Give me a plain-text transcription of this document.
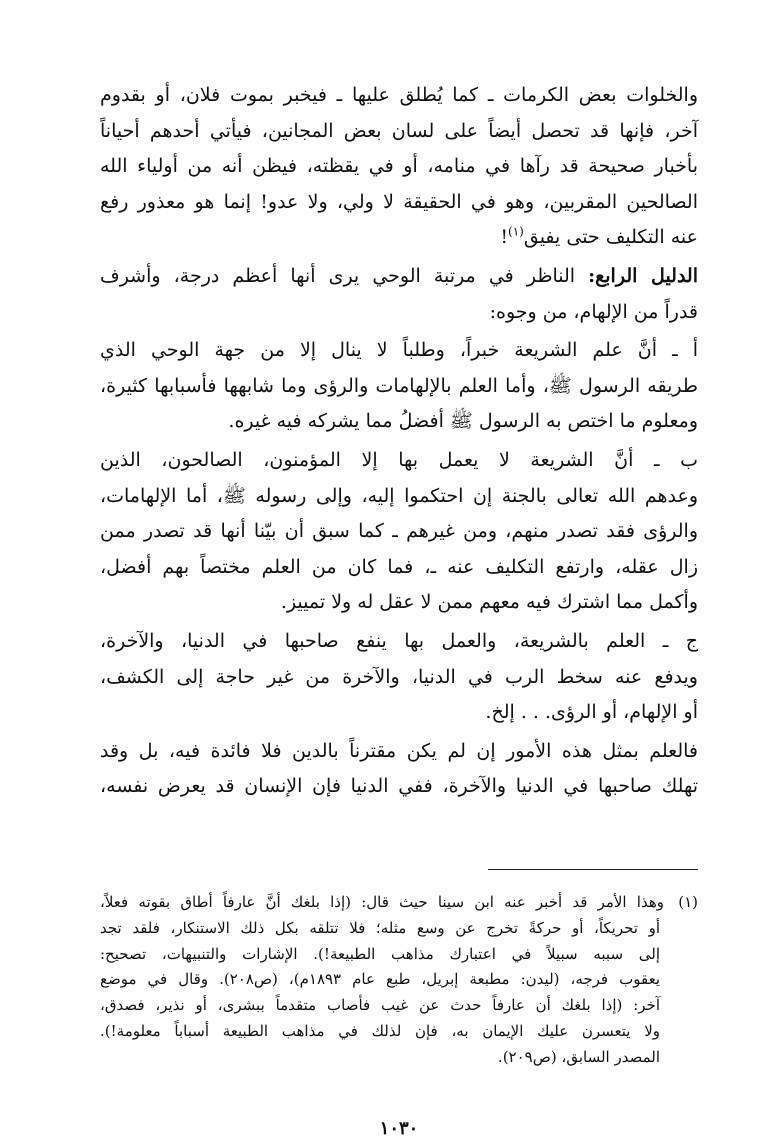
والخلوات بعض الكرمات ـ كما يُطلق عليها ـ فيخبر بموت فلان، أو بقدوم
آخر، فإنها قد تحصل أيضاً على لسان بعض المجانين، فيأتي أحدهم أحياناً
بأخبار صحيحة قد رآها في منامه، أو في يقظته، فيظن أنه من أولياء الله
الصالحين المقربين، وهو في الحقيقة لا ولي، ولا عدو! إنما هو معذور رفع
عنه التكليف حتى يفيق$^{(١)}$!

الدليل الرابع: الناظر في مرتبة الوحي يرى أنها أعظم درجة، وأشرف
قدراً من الإلهام، من وجوه:

أ ـ أنَّ علم الشريعة خبراً، وطلباً لا ينال إلا من جهة الوحي الذي
طريقه الرسول ﷺ، وأما العلم بالإلهامات والرؤى وما شابهها فأسبابها كثيرة،
ومعلوم ما اختص به الرسول ﷺ أفضلُ مما يشركه فيه غيره.

ب ـ أنَّ الشريعة لا يعمل بها إلا المؤمنون، الصالحون، الذين
وعدهم الله تعالى بالجنة إن احتكموا إليه، وإلى رسوله ﷺ، أما الإلهامات،
والرؤى فقد تصدر منهم، ومن غيرهم ـ كما سبق أن بيّنا أنها قد تصدر ممن
زال عقله، وارتفع التكليف عنه ـ، فما كان من العلم مختصاً بهم أفضل،
وأكمل مما اشترك فيه معهم ممن لا عقل له ولا تمييز.

ج ـ العلم بالشريعة، والعمل بها ينفع صاحبها في الدنيا، والآخرة،
ويدفع عنه سخط الرب في الدنيا، والآخرة من غير حاجة إلى الكشف،
أو الإلهام، أو الرؤى. . . إلخ.

فالعلم بمثل هذه الأمور إن لم يكن مقترناً بالدين فلا فائدة فيه، بل وقد
تهلك صاحبها في الدنيا والآخرة، ففي الدنيا فإن الإنسان قد يعرض نفسه،

(١)وهذا الأمر قد أخبر عنه ابن سينا حيث قال: (إذا بلغك أنَّ عارفاً أطاق بقوته فعلاً،
أو تحريكاً، أو حركةً تخرج عن وسع مثله؛ فلا تتلقه بكل ذلك الاستنكار، فلقد تجد
إلى سببه سبيلاً في اعتبارك مذاهب الطبيعة!). الإشارات والتنبيهات، تصحيح:
يعقوب فرجه، (ليدن: مطبعة إبريل، طبع عام ١٨٩٣م)، (ص٢٠٨). وقال في موضع
آخر: (إذا بلغك أن عارفاً حدث عن غيب فأصاب متقدماً ببشرى، أو نذير، فصدق،
ولا يتعسرن عليك الإيمان به، فإن لذلك في مذاهب الطبيعة أسباباً معلومة!).
المصدر السابق، (ص٢٠٩).
١٠٣٠
